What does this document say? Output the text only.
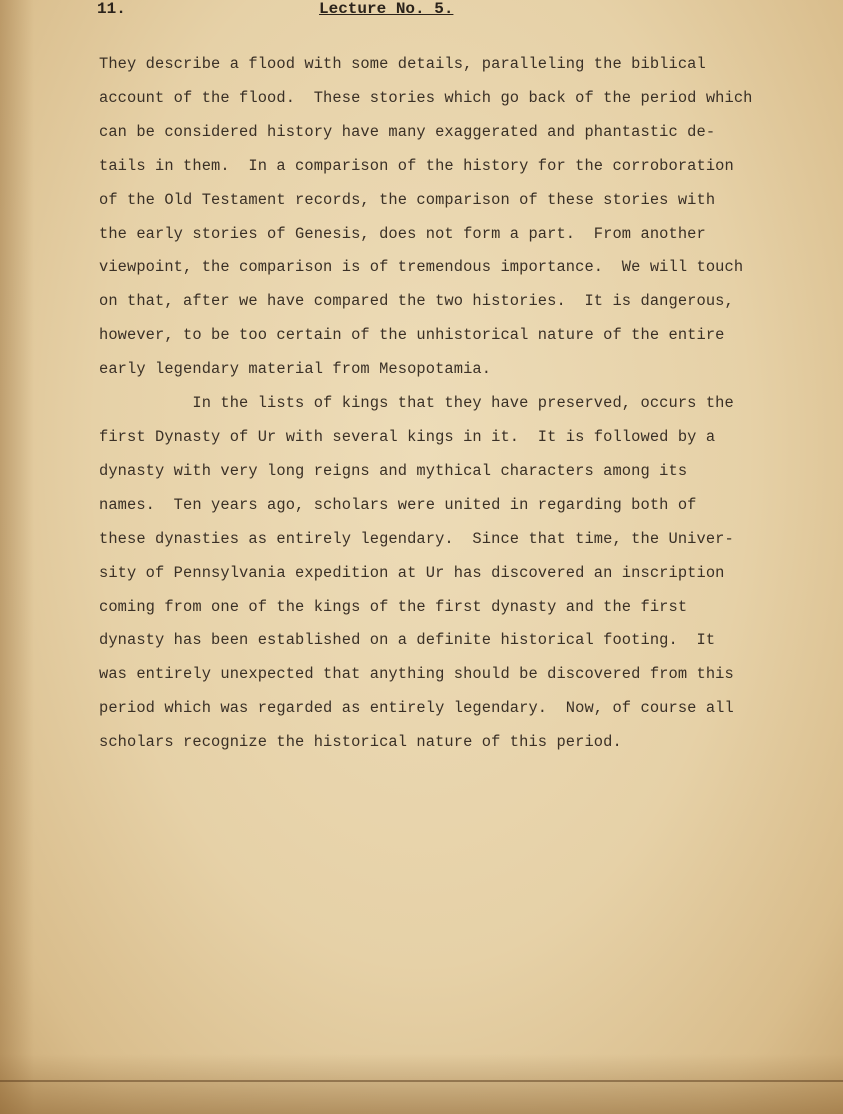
11.	Lecture No. 5.

They describe a flood with some details, paralleling the biblical

account of the flood.  These stories which go back of the period which

can be considered history have many exaggerated and phantastic de-

tails in them.  In a comparison of the history for the corroboration

of the Old Testament records, the comparison of these stories with

the early stories of Genesis, does not form a part.  From another

viewpoint, the comparison is of tremendous importance.  We will touch

on that, after we have compared the two histories.  It is dangerous,

however, to be too certain of the unhistorical nature of the entire

early legendary material from Mesopotamia.

In the lists of kings that they have preserved, occurs the

first Dynasty of Ur with several kings in it.  It is followed by a

dynasty with very long reigns and mythical characters among its

names.  Ten years ago, scholars were united in regarding both of

these dynasties as entirely legendary.  Since that time, the Univer-

sity of Pennsylvania expedition at Ur has discovered an inscription

coming from one of the kings of the first dynasty and the first

dynasty has been established on a definite historical footing.  It

was entirely unexpected that anything should be discovered from this

period which was regarded as entirely legendary.  Now, of course all

scholars recognize the historical nature of this period.
